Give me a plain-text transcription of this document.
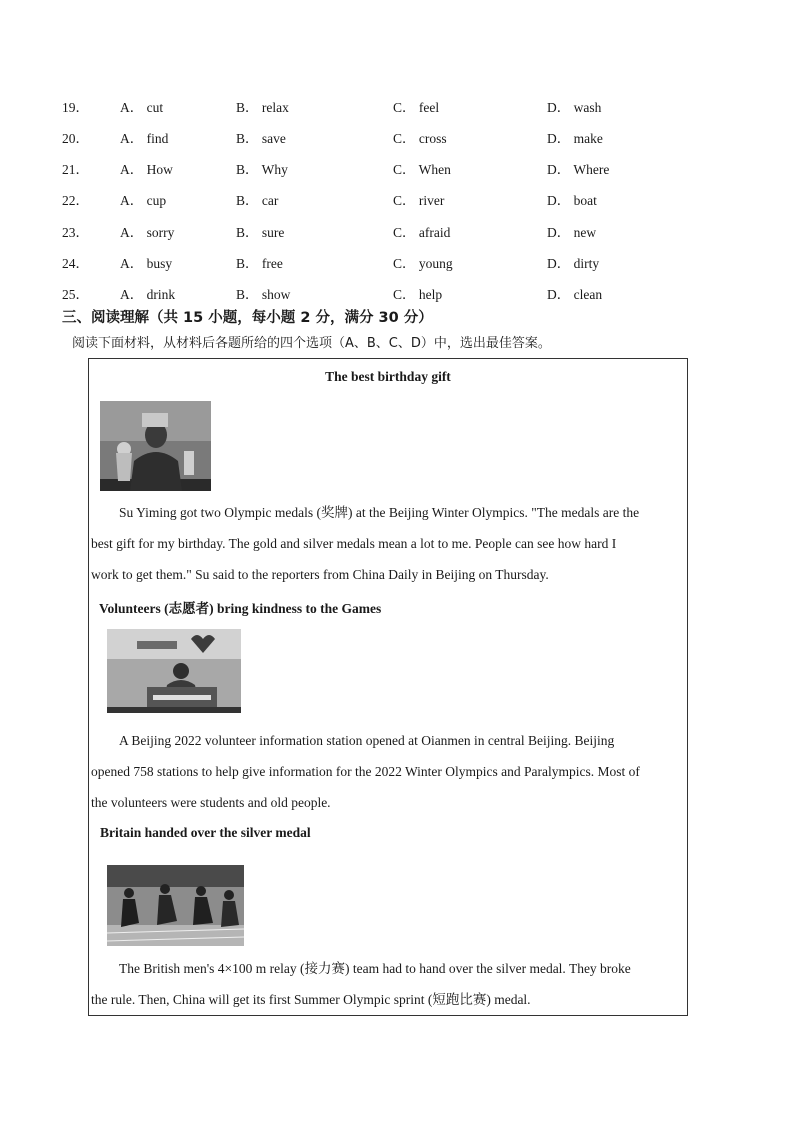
19． A． cut	B． relax	C． feel	D． wash
20． A． find	B． save	C． cross	D． make
21． A． How	B． Why	C． When	D． Where
22． A． cup	B． car	C． river	D． boat
23． A． sorry	B． sure	C． afraid	D． new
24． A． busy	B． free	C． young	D． dirty
25． A． drink	B． show	C． help	D． clean
三、阅读理解（共 15 小题，每小题 2 分，满分 30 分）
阅读下面材料，从材料后各题所给的四个选项（A、B、C、D）中，选出最佳答案。
The best birthday gift

Su Yiming got two Olympic medals (奖牌) at the Beijing Winter Olympics. "The medals are the
best gift for my birthday. The gold and silver medals mean a lot to me. People can see how hard I
work to get them." Su said to the reporters from China Daily in Beijing on Thursday.

Volunteers (志愿者) bring kindness to the Games

A Beijing 2022 volunteer information station opened at Oianmen in central Beijing. Beijing
opened 758 stations to help give information for the 2022 Winter Olympics and Paralympics. Most of
the volunteers were students and old people.

Britain handed over the silver medal

The British men's 4×100 m relay (接力赛) team had to hand over the silver medal. They broke
the rule. Then, China will get its first Summer Olympic sprint (短跑比赛) medal.
